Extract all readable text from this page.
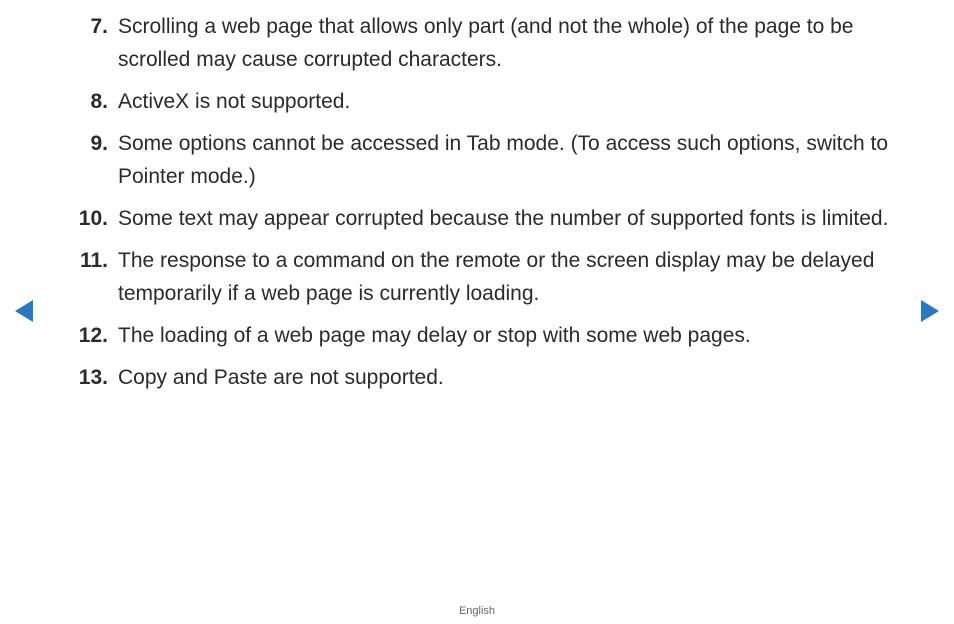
7. Scrolling a web page that allows only part (and not the whole) of the page to be scrolled may cause corrupted characters.
8. ActiveX is not supported.
9. Some options cannot be accessed in Tab mode. (To access such options, switch to Pointer mode.)
10. Some text may appear corrupted because the number of supported fonts is limited.
11. The response to a command on the remote or the screen display may be delayed temporarily if a web page is currently loading.
12. The loading of a web page may delay or stop with some web pages.
13. Copy and Paste are not supported.
English
